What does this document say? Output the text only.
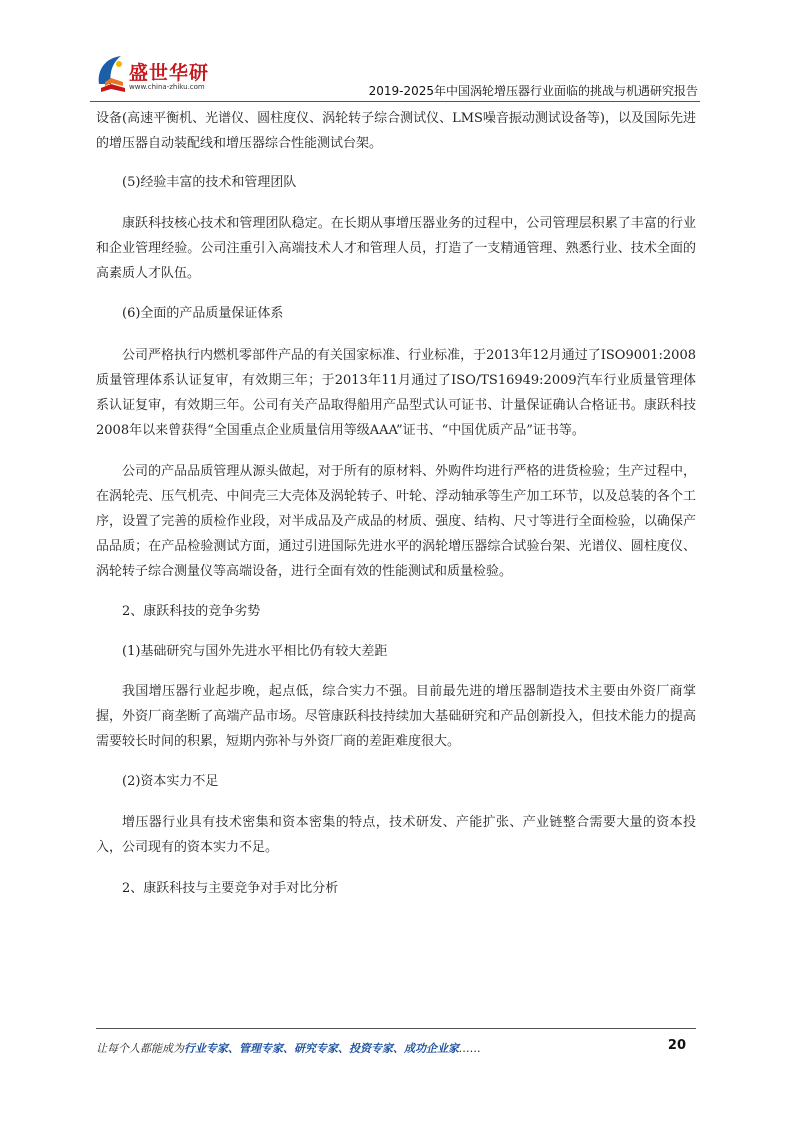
盛世华研
www.china-zhiku.com	2019-2025年中国涡轮增压器行业面临的挑战与机遇研究报告

设备(高速平衡机、光谱仪、圆柱度仪、涡轮转子综合测试仪、LMS噪音振动测试设备等)，以及国际先进的增压器自动装配线和增压器综合性能测试台架。

(5)经验丰富的技术和管理团队

康跃科技核心技术和管理团队稳定。在长期从事增压器业务的过程中，公司管理层积累了丰富的行业和企业管理经验。公司注重引入高端技术人才和管理人员，打造了一支精通管理、熟悉行业、技术全面的高素质人才队伍。

(6)全面的产品质量保证体系

公司严格执行内燃机零部件产品的有关国家标准、行业标准，于2013年12月通过了ISO9001:2008质量管理体系认证复审，有效期三年；于2013年11月通过了ISO/TS16949:2009汽车行业质量管理体系认证复审，有效期三年。公司有关产品取得船用产品型式认可证书、计量保证确认合格证书。康跃科技2008年以来曾获得“全国重点企业质量信用等级AAA”证书、“中国优质产品”证书等。

公司的产品品质管理从源头做起，对于所有的原材料、外购件均进行严格的进货检验；生产过程中，在涡轮壳、压气机壳、中间壳三大壳体及涡轮转子、叶轮、浮动轴承等生产加工环节，以及总装的各个工序，设置了完善的质检作业段，对半成品及产成品的材质、强度、结构、尺寸等进行全面检验，以确保产品品质；在产品检验测试方面，通过引进国际先进水平的涡轮增压器综合试验台架、光谱仪、圆柱度仪、涡轮转子综合测量仪等高端设备，进行全面有效的性能测试和质量检验。

2、康跃科技的竞争劣势

(1)基础研究与国外先进水平相比仍有较大差距

我国增压器行业起步晚，起点低，综合实力不强。目前最先进的增压器制造技术主要由外资厂商掌握，外资厂商垄断了高端产品市场。尽管康跃科技持续加大基础研究和产品创新投入，但技术能力的提高需要较长时间的积累，短期内弥补与外资厂商的差距难度很大。

(2)资本实力不足

增压器行业具有技术密集和资本密集的特点，技术研发、产能扩张、产业链整合需要大量的资本投入，公司现有的资本实力不足。

2、康跃科技与主要竞争对手对比分析

让每个人都能成为行业专家、管理专家、研究专家、投资专家、成功企业家……	20
